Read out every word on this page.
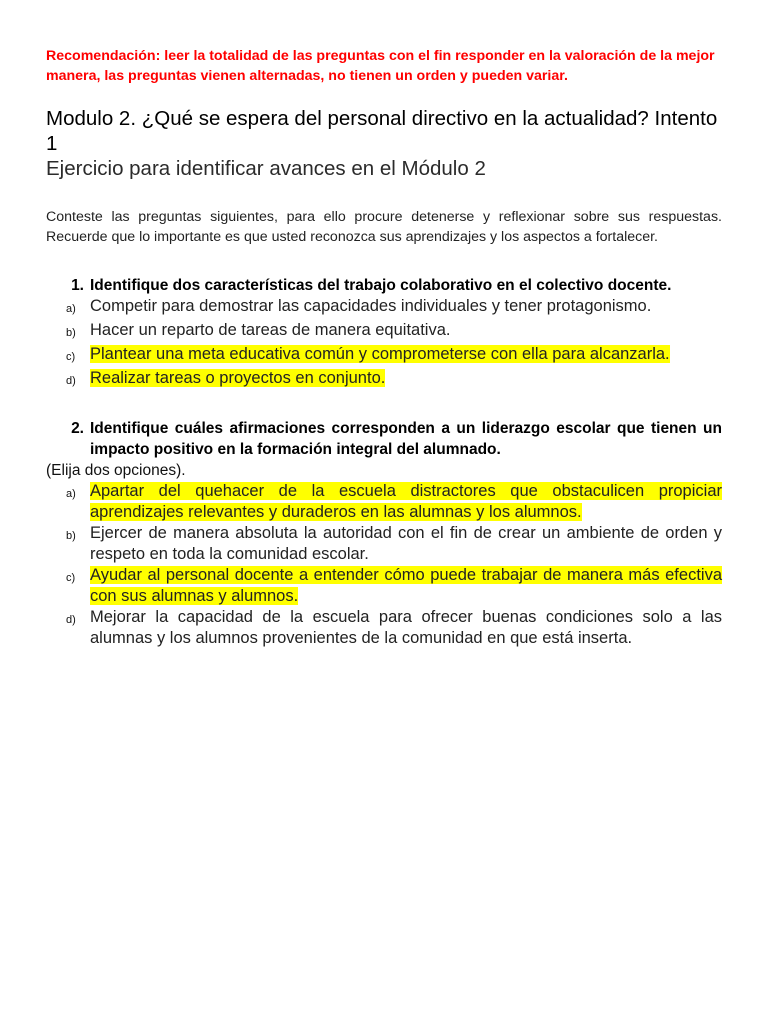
Recomendación: leer la totalidad de las preguntas con el fin responder en la valoración de la mejor manera, las preguntas vienen alternadas, no tienen un orden y pueden variar.

Modulo 2. ¿Qué se espera del personal directivo en la actualidad? Intento 1
Ejercicio para identificar avances en el Módulo 2

Conteste las preguntas siguientes, para ello procure detenerse y reflexionar sobre sus respuestas. Recuerde que lo importante es que usted reconozca sus aprendizajes y los aspectos a fortalecer.

1. Identifique dos características del trabajo colaborativo en el colectivo docente.
a) Competir para demostrar las capacidades individuales y tener protagonismo.
b) Hacer un reparto de tareas de manera equitativa.
c) Plantear una meta educativa común y comprometerse con ella para alcanzarla.
d) Realizar tareas o proyectos en conjunto.
2. Identifique cuáles afirmaciones corresponden a un liderazgo escolar que tienen un impacto positivo en la formación integral del alumnado.

(Elija dos opciones).

a) Apartar del quehacer de la escuela distractores que obstaculicen propiciar aprendizajes relevantes y duraderos en las alumnas y los alumnos.
b) Ejercer de manera absoluta la autoridad con el fin de crear un ambiente de orden y respeto en toda la comunidad escolar.
c) Ayudar al personal docente a entender cómo puede trabajar de manera más efectiva con sus alumnas y alumnos.
d) Mejorar la capacidad de la escuela para ofrecer buenas condiciones solo a las alumnas y los alumnos provenientes de la comunidad en que está inserta.
